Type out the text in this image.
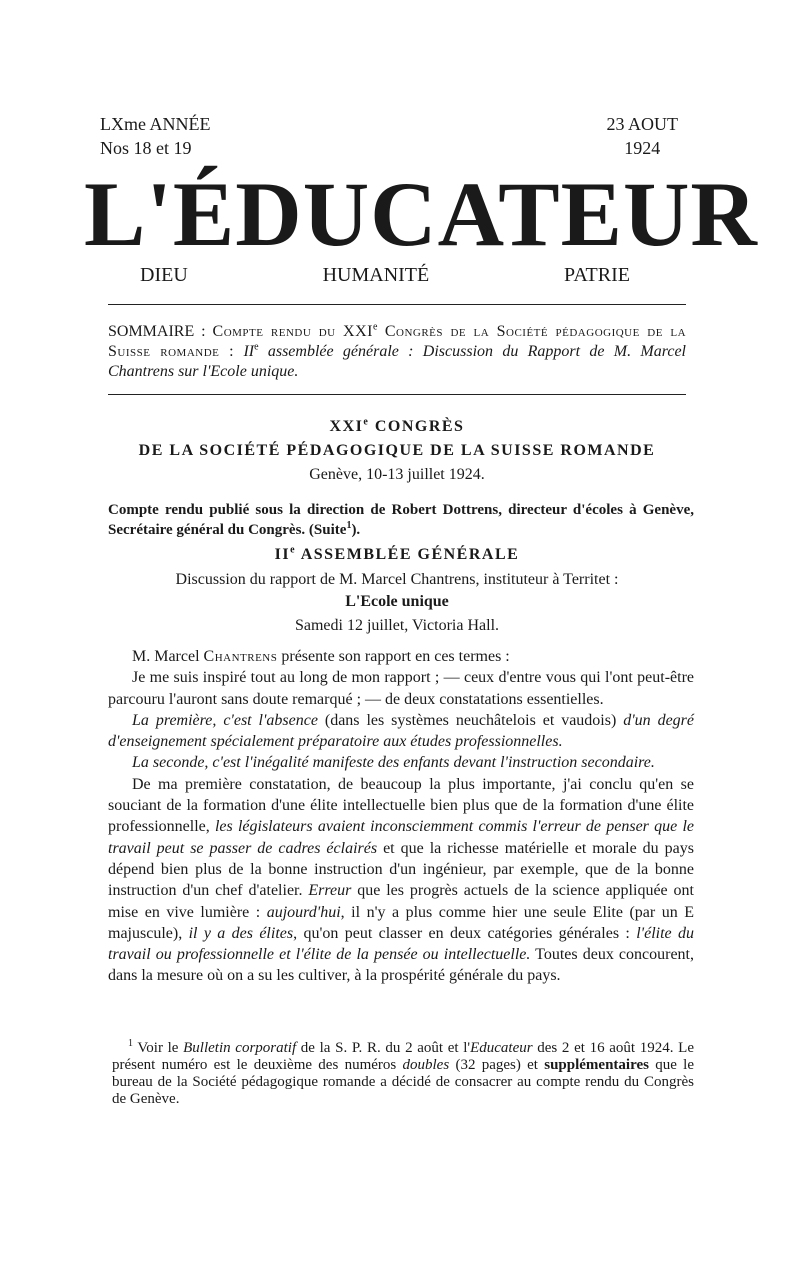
LXme ANNÉE
Nos 18 et 19
23 AOUT
1924
L'ÉDUCATEUR
DIEU	HUMANITÉ	PATRIE
SOMMAIRE : Compte rendu du XXIe Congrès de la Société pédagogique de la Suisse romande : IIe assemblée générale : Discussion du Rapport de M. Marcel Chantrens sur l'Ecole unique.
XXIe CONGRÈS
DE LA SOCIÉTÉ PÉDAGOGIQUE DE LA SUISSE ROMANDE
Genève, 10-13 juillet 1924.
Compte rendu publié sous la direction de Robert Dottrens, directeur d'écoles à Genève, Secrétaire général du Congrès. (Suite$^1$).
IIe ASSEMBLÉE GÉNÉRALE
Discussion du rapport de M. Marcel Chantrens, instituteur à Territet :
L'Ecole unique
Samedi 12 juillet, Victoria Hall.

M. Marcel Chantrens présente son rapport en ces termes :

Je me suis inspiré tout au long de mon rapport ; — ceux d'entre vous qui l'ont peut-être parcouru l'auront sans doute remarqué ; — de deux constatations essentielles.

La première, c'est l'absence (dans les systèmes neuchâtelois et vaudois) d'un degré d'enseignement spécialement préparatoire aux études professionnelles.

La seconde, c'est l'inégalité manifeste des enfants devant l'instruction secondaire.

De ma première constatation, de beaucoup la plus importante, j'ai conclu qu'en se souciant de la formation d'une élite intellectuelle bien plus que de la formation d'une élite professionnelle, les législateurs avaient inconsciemment commis l'erreur de penser que le travail peut se passer de cadres éclairés et que la richesse matérielle et morale du pays dépend bien plus de la bonne instruction d'un ingénieur, par exemple, que de la bonne instruction d'un chef d'atelier. Erreur que les progrès actuels de la science appliquée ont mise en vive lumière : aujourd'hui, il n'y a plus comme hier une seule Elite (par un E majuscule), il y a des élites, qu'on peut classer en deux catégories générales : l'élite du travail ou professionnelle et l'élite de la pensée ou intellectuelle. Toutes deux concourent, dans la mesure où on a su les cultiver, à la prospérité générale du pays.

$^1$ Voir le Bulletin corporatif de la S. P. R. du 2 août et l'Educateur des 2 et 16 août 1924. Le présent numéro est le deuxième des numéros doubles (32 pages) et supplémentaires que le bureau de la Société pédagogique romande a décidé de consacrer au compte rendu du Congrès de Genève.
